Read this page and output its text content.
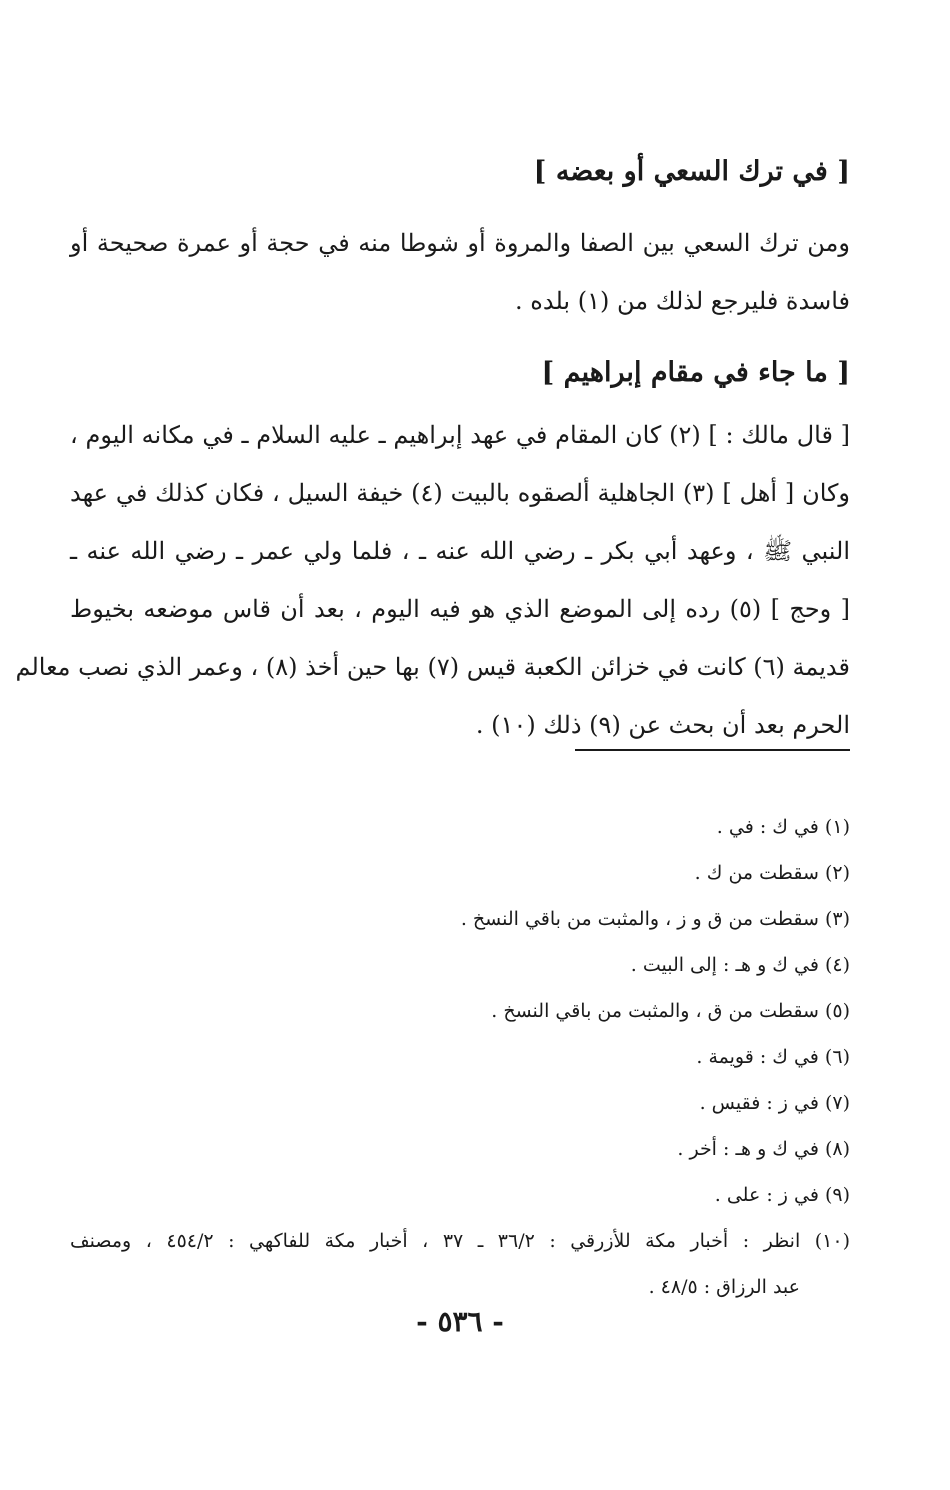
[ في ترك السعي أو بعضه ]
ومن ترك السعي بين الصفا والمروة أو شوطا منه في حجة أو عمرة صحيحة أو
فاسدة فليرجع لذلك من (١) بلده .
[ ما جاء في مقام إبراهيم ]
[ قال مالك : ] (٢) كان المقام في عهد إبراهيم ـ عليه السلام ـ في مكانه اليوم ،
وكان [ أهل ] (٣) الجاهلية ألصقوه بالبيت (٤) خيفة السيل ، فكان كذلك في عهد
النبي ﷺ ، وعهد أبي بكر ـ رضي الله عنه ـ ، فلما ولي عمر ـ رضي الله عنه ـ
[ وحج ] (٥) رده إلى الموضع الذي هو فيه اليوم ، بعد أن قاس موضعه بخيوط
قديمة (٦) كانت في خزائن الكعبة قيس (٧) بها حين أخذ (٨) ، وعمر الذي نصب معالم
الحرم بعد أن بحث عن (٩) ذلك (١٠) .
(١) في ك : في .
(٢) سقطت من ك .
(٣) سقطت من ق و ز ، والمثبت من باقي النسخ .
(٤) في ك و هـ : إلى البيت .
(٥) سقطت من ق ، والمثبت من باقي النسخ .
(٦) في ك : قويمة .
(٧) في ز : فقيس .
(٨) في ك و هـ : أخر .
(٩) في ز : على .
(١٠) انظر : أخبار مكة للأزرقي : ٣٦/٢ ـ ٣٧ ، أخبار مكة للفاكهي : ٤٥٤/٢ ، ومصنف
عبد الرزاق : ٤٨/٥ .
- ٥٣٦ -
